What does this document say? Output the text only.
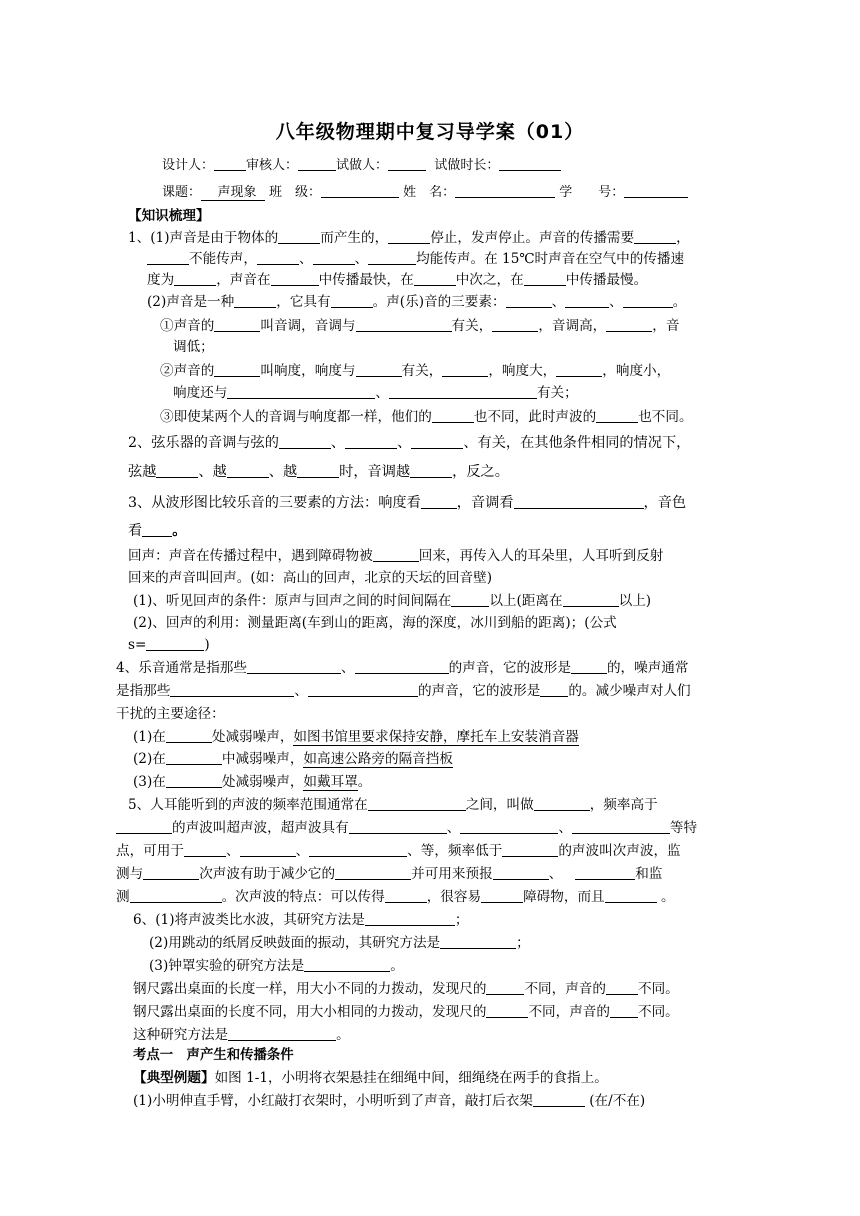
八年级物理期中复习导学案（01）
设计人： 审核人：	试做人：	试做时长：
课题： 声现象 班　级：	姓　名：	学　　号：
【知识梳理】
1、(1)声音是由于物体的	而产生的，	停止，发声停止。声音的传播需要	，
不能传声，	、	、	均能传声。在 15℃时声音在空气中的传播速
度为	，声音在	中传播最快，在	中次之，在	中传播最慢。
(2)声音是一种	，它具有	。声(乐)音的三要素：	、	、	。
①声音的	叫音调，音调与	有关，	，音调高，	，音
调低；
②声音的	叫响度，响度与	有关，	，响度大，	，响度小，
响度还与	、	有关；
③即使某两个人的音调与响度都一样，他们的	也不同，此时声波的	也不同。
2、弦乐器的音调与弦的	、	、	、有关，在其他条件相同的情况下，
弦越	、越	、越	时，音调越	，反之。
3、从波形图比较乐音的三要素的方法：响度看	，音调看	，音色
看 。
回声：声音在传播过程中，遇到障碍物被	回来，再传入人的耳朵里，人耳听到反射
回来的声音叫回声。(如：高山的回声，北京的天坛的回音壁)
(1)、听见回声的条件：原声与回声之间的时间间隔在	以上(距离在	以上)
(2)、回声的利用：测量距离(车到山的距离，海的深度，冰川到船的距离)；(公式
s=	)
4、乐音通常是指那些	、	的声音，它的波形是	的，噪声通常
是指那些	、	的声音，它的波形是 的。减少噪声对人们
干扰的主要途径：
(1)在	处减弱噪声，如图书馆里要求保持安静，摩托车上安装消音器
(2)在	中减弱噪声，如高速公路旁的隔音挡板
(3)在	处减弱噪声，如戴耳罩。
5、人耳能听到的声波的频率范围通常在	之间，叫做	，频率高于
的声波叫超声波，超声波具有	、	、	等特
点，可用于	、	、	、等，频率低于	的声波叫次声波，监
测与	次声波有助于减少它的	并可用来预报	、	和监
测	。次声波的特点：可以传得	，很容易	障碍物，而且	。
6、(1)将声波类比水波，其研究方法是	；
(2)用跳动的纸屑反映鼓面的振动，其研究方法是	；
(3)钟罩实验的研究方法是	。
钢尺露出桌面的长度一样，用大小不同的力拨动，发现尺的	不同，声音的 不同。
钢尺露出桌面的长度不同，用大小相同的力拨动，发现尺的	不同，声音的 不同。
这种研究方法是	。
考点一　声产生和传播条件
【典型例题】如图 1-1，小明将衣架悬挂在细绳中间，细绳绕在两手的食指上。
(1)小明伸直手臂，小红敲打衣架时，小明听到了声音，敲打后衣架	(在/不在)
